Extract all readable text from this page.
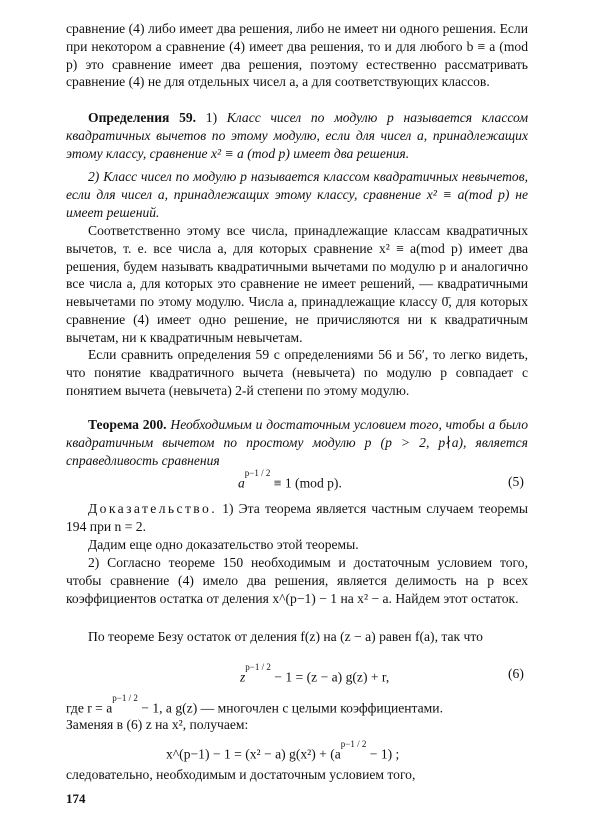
сравнение (4) либо имеет два решения, либо не имеет ни одного решения. Если при некотором a сравнение (4) имеет два решения, то и для любого b ≡ a (mod p) это сравнение имеет два решения, поэтому естественно рассматривать сравнение (4) не для отдельных чисел a, а для соответствующих классов.

Определения 59. 1) Класс чисел по модулю p называется классом квадратичных вычетов по этому модулю, если для чисел a, принадлежащих этому классу, сравнение x² ≡ a (mod p) имеет два решения.

2) Класс чисел по модулю p называется классом квадратичных невычетов, если для чисел a, принадлежащих этому классу, сравнение x² ≡ a(mod p) не имеет решений.

Соответственно этому все числа, принадлежащие классам квадратичных вычетов, т. е. все числа a, для которых сравнение x² ≡ a(mod p) имеет два решения, будем называть квадратичными вычетами по модулю p и аналогично все числа a, для которых это сравнение не имеет решений, — квадратичными невычетами по этому модулю. Числа a, принадлежащие классу 0̄, для которых сравнение (4) имеет одно решение, не причисляются ни к квадратичным вычетам, ни к квадратичным невычетам.

Если сравнить определения 59 с определениями 56 и 56′, то легко видеть, что понятие квадратичного вычета (невычета) по модулю p совпадает с понятием вычета (невычета) 2-й степени по этому модулю.

Теорема 200. Необходимым и достаточным условием того, чтобы a было квадратичным вычетом по простому модулю p (p > 2, p∤a), является справедливость сравнения

$a^{p-1 / 2} \equiv 1$ (mod p).	(5)

Доказательство. 1) Эта теорема является частным случаем теоремы 194 при n = 2.

Дадим еще одно доказательство этой теоремы.

2) Согласно теореме 150 необходимым и достаточным условием того, чтобы сравнение (4) имело два решения, является делимость на p всех коэффициентов остатка от деления x^(p−1) − 1 на x² − a. Найдем этот остаток.

По теореме Безу остаток от деления f(z) на (z − a) равен f(a), так что

$z^{p-1 / 2} - 1 = (z - a) g(z) + r$,	(6)

где $r = a^{p-1 / 2} - 1$, а g(z) — многочлен с целыми коэффициентами.

Заменяя в (6) z на x², получаем:

x^(p−1) − 1 = (x² − a) $g(x^2) + (a^{p-1 / 2} - 1)$ ;

следовательно, необходимым и достаточным условием того,

174
